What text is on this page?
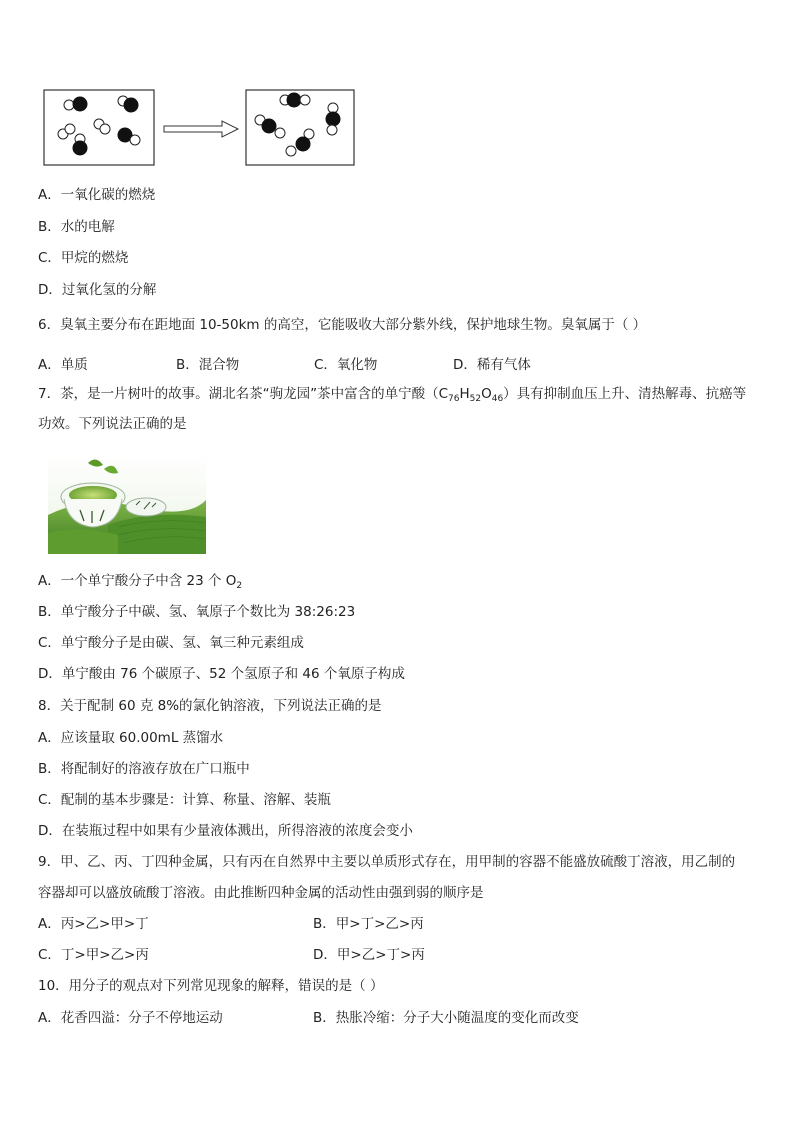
A．一氧化碳的燃烧
B．水的电解
C．甲烷的燃烧
D．过氧化氢的分解
6．臭氧主要分布在距地面 10-50km 的高空，它能吸收大部分紫外线，保护地球生物。臭氧属于（ ）
A．单质	B．混合物	C．氧化物	D．稀有气体
7．茶，是一片树叶的故事。湖北名茶“驹龙园”茶中富含的单宁酸$(C_{76}H_{52}O_{46})$具有抑制血压上升、清热解毒、抗癌等
功效。下列说法正确的是
A．一个单宁酸分子中含 23 个 $O_2$
B．单宁酸分子中碳、氢、氧原子个数比为 38:26:23
C．单宁酸分子是由碳、氢、氧三种元素组成
D．单宁酸由 76 个碳原子、52 个氢原子和 46 个氧原子构成
8．关于配制 60 克 8%的氯化钠溶液，下列说法正确的是
A．应该量取 60.00mL 蒸馏水
B．将配制好的溶液存放在广口瓶中
C．配制的基本步骤是：计算、称量、溶解、装瓶
D．在装瓶过程中如果有少量液体溅出，所得溶液的浓度会变小
9．甲、乙、丙、丁四种金属，只有丙在自然界中主要以单质形式存在，用甲制的容器不能盛放硫酸丁溶液，用乙制的
容器却可以盛放硫酸丁溶液。由此推断四种金属的活动性由强到弱的顺序是
A．丙>乙>甲>丁	B．甲>丁>乙>丙
C．丁>甲>乙>丙	D．甲>乙>丁>丙
10．用分子的观点对下列常见现象的解释，错误的是（ ）
A．花香四溢：分子不停地运动	B．热胀冷缩：分子大小随温度的变化而改变
